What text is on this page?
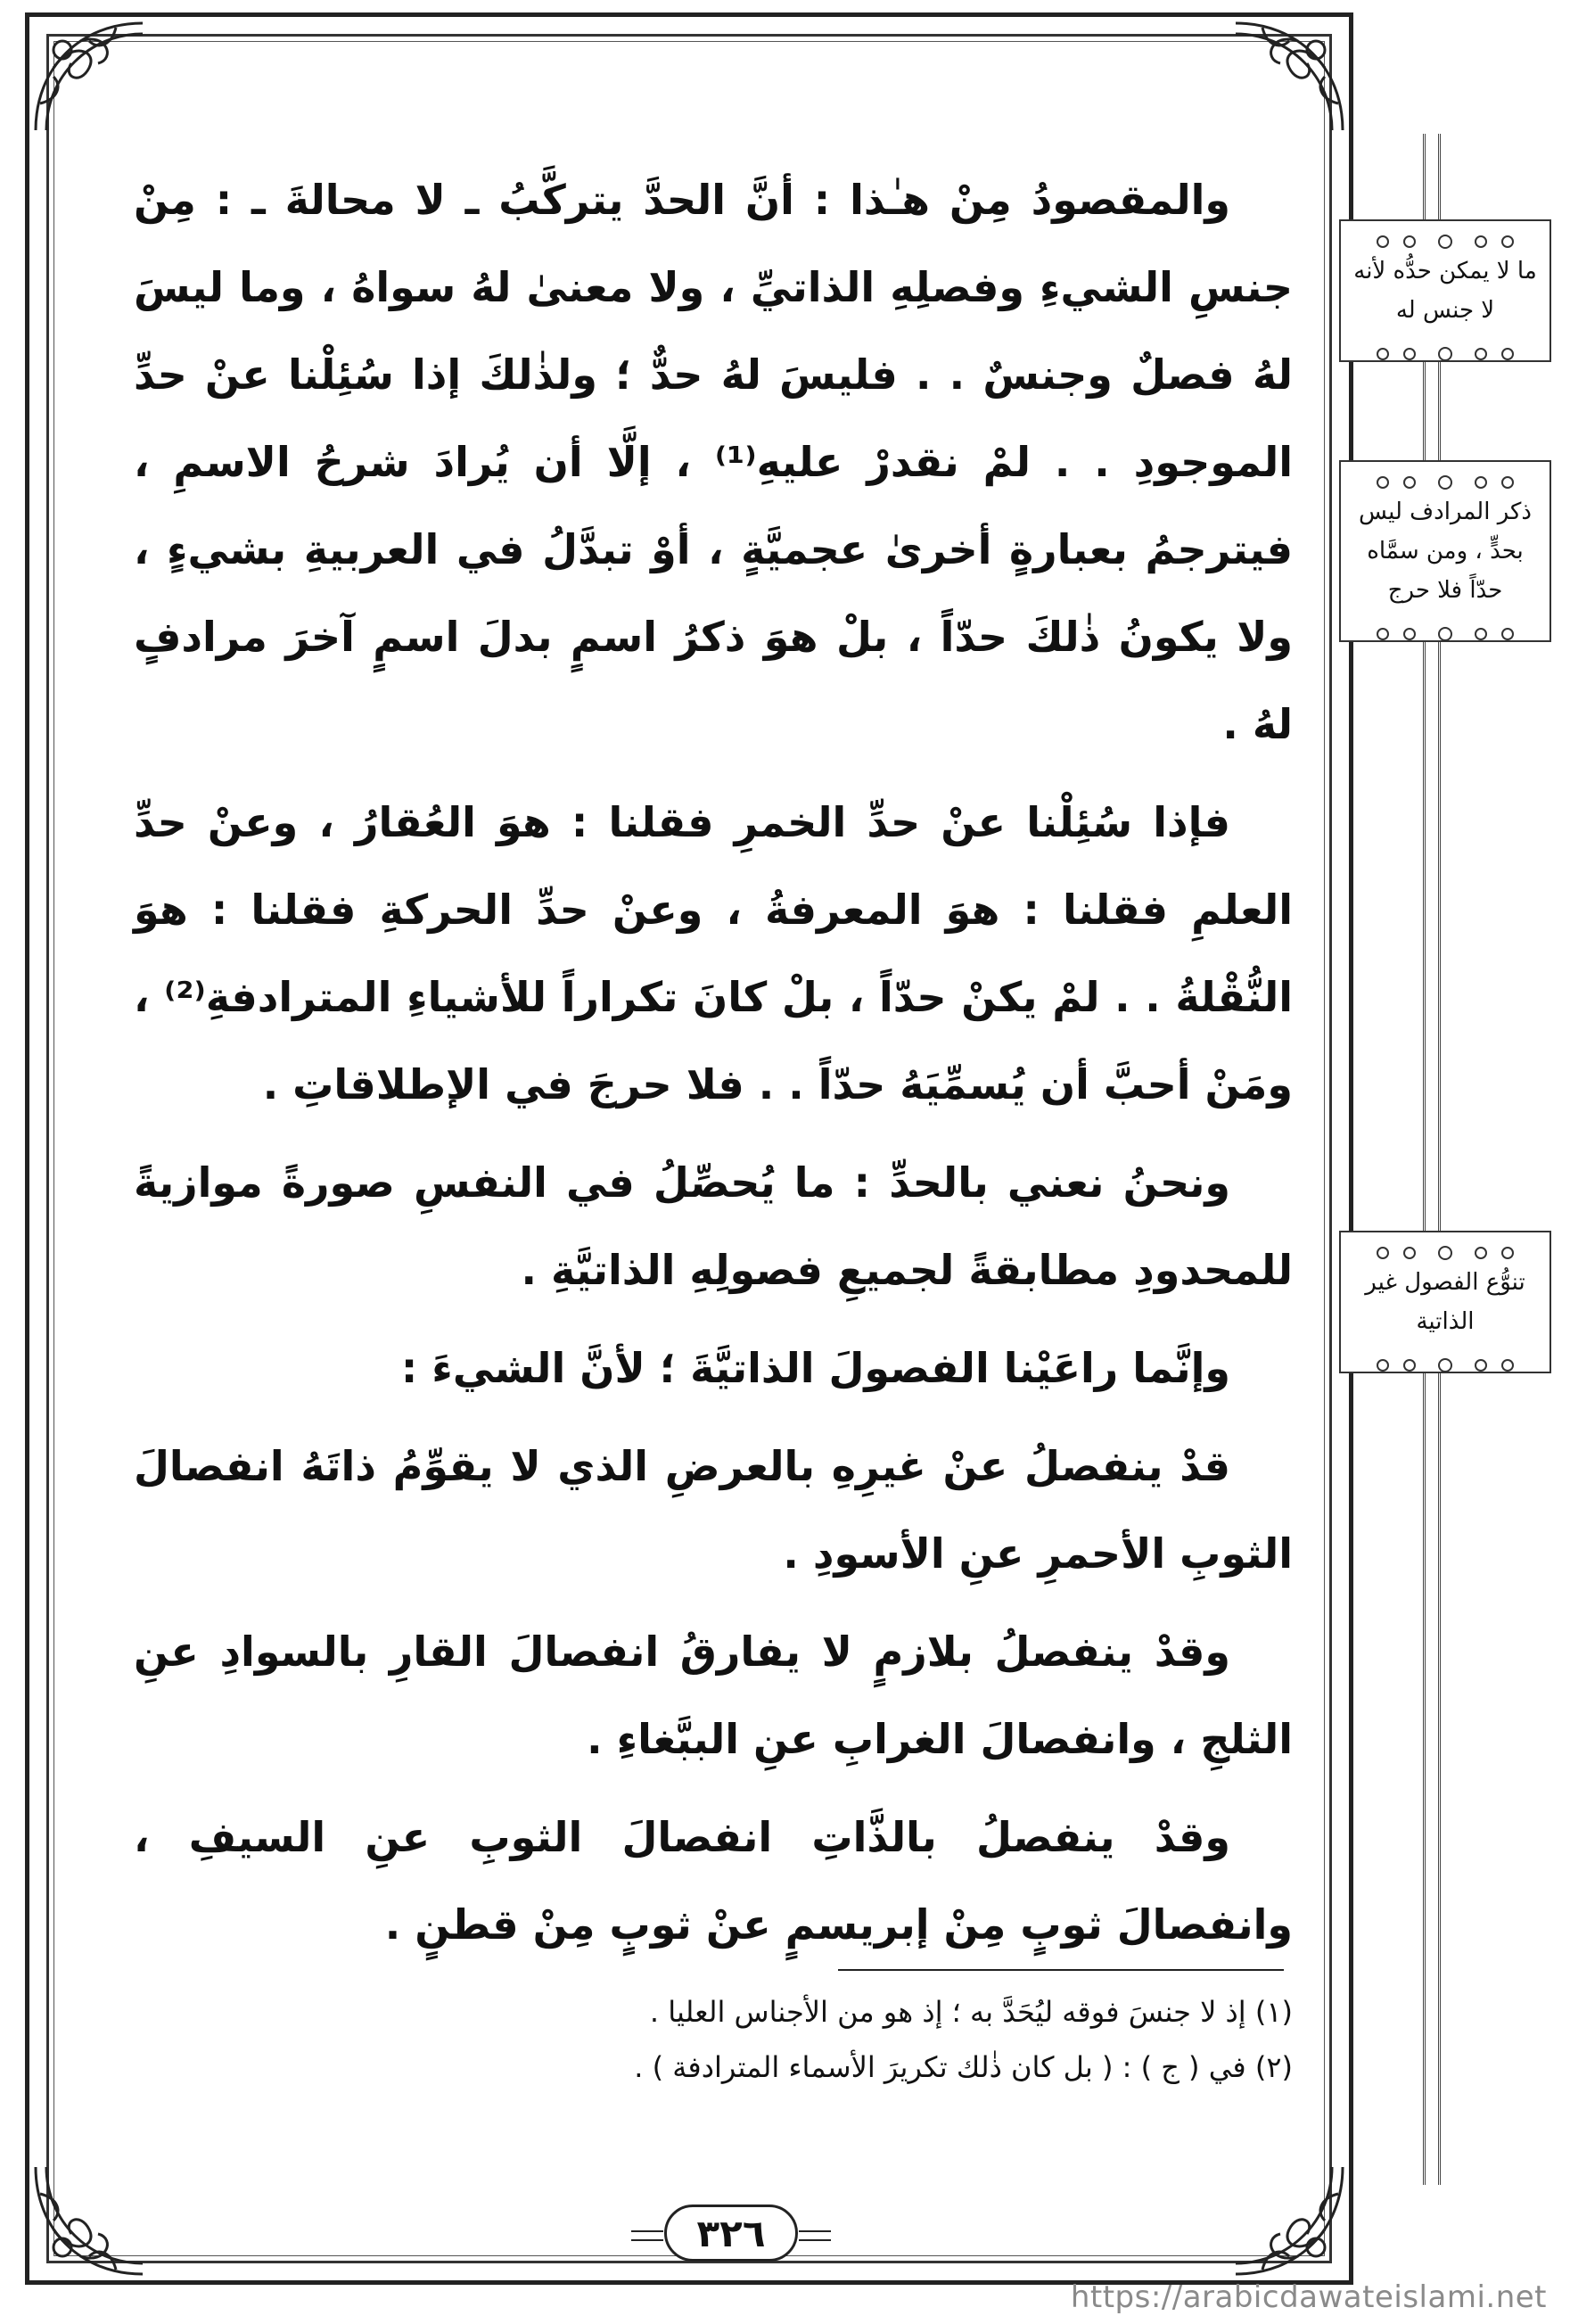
والمقصودُ مِنْ هـٰذا : أنَّ الحدَّ يتركَّبُ ـ لا محالةَ ـ : مِنْ جنسِ الشيءِ وفصلِهِ الذاتيِّ ، ولا معنىٰ لهُ سواهُ ، وما ليسَ لهُ فصلٌ وجنسٌ . . فليسَ لهُ حدٌّ ؛ ولذٰلكَ إذا سُئِلْنا عنْ حدِّ الموجودِ . . لمْ نقدرْ عليهِ⁽¹⁾ ، إلَّا أن يُرادَ شرحُ الاسمِ ، فيترجمُ بعبارةٍ أخرىٰ عجميَّةٍ ، أوْ تبدَّلُ في العربيةِ بشيءٍ ، ولا يكونُ ذٰلكَ حدّاً ، بلْ هوَ ذكرُ اسمٍ بدلَ اسمٍ آخرَ مرادفٍ لهُ .

فإذا سُئِلْنا عنْ حدِّ الخمرِ فقلنا : هوَ العُقارُ ، وعنْ حدِّ العلمِ فقلنا : هوَ المعرفةُ ، وعنْ حدِّ الحركةِ فقلنا : هوَ النُّقْلةُ . . لمْ يكنْ حدّاً ، بلْ كانَ تكراراً للأشياءِ المترادفةِ⁽²⁾ ، ومَنْ أحبَّ أن يُسمِّيَهُ حدّاً . . فلا حرجَ في الإطلاقاتِ .

ونحنُ نعني بالحدِّ : ما يُحصِّلُ في النفسِ صورةً موازيةً للمحدودِ مطابقةً لجميعِ فصولِهِ الذاتيَّةِ .

وإنَّما راعَيْنا الفصولَ الذاتيَّةَ ؛ لأنَّ الشيءَ :

قدْ ينفصلُ عنْ غيرِهِ بالعرضِ الذي لا يقوِّمُ ذاتَهُ انفصالَ الثوبِ الأحمرِ عنِ الأسودِ .

وقدْ ينفصلُ بلازمٍ لا يفارقُ انفصالَ القارِ بالسوادِ عنِ الثلجِ ، وانفصالَ الغرابِ عنِ الببَّغاءِ .

وقدْ ينفصلُ بالذَّاتِ انفصالَ الثوبِ عنِ السيفِ ، وانفصالَ ثوبٍ مِنْ إبريسمٍ عنْ ثوبٍ مِنْ قطنٍ .

(١) إذ لا جنسَ فوقه ليُحَدَّ به ؛ إذ هو من الأجناس العليا .
(٢) في ( ج ) : ( بل كان ذٰلك تكريرَ الأسماء المترادفة ) .
٣٢٦
ما لا يمكن حدُّه لأنه لا جنس له
ذكر المرادف ليس بحدٍّ ، ومن سمَّاه حدّاً فلا حرج
تنوُّع الفصول غير الذاتية
https://arabicdawateislami.net
